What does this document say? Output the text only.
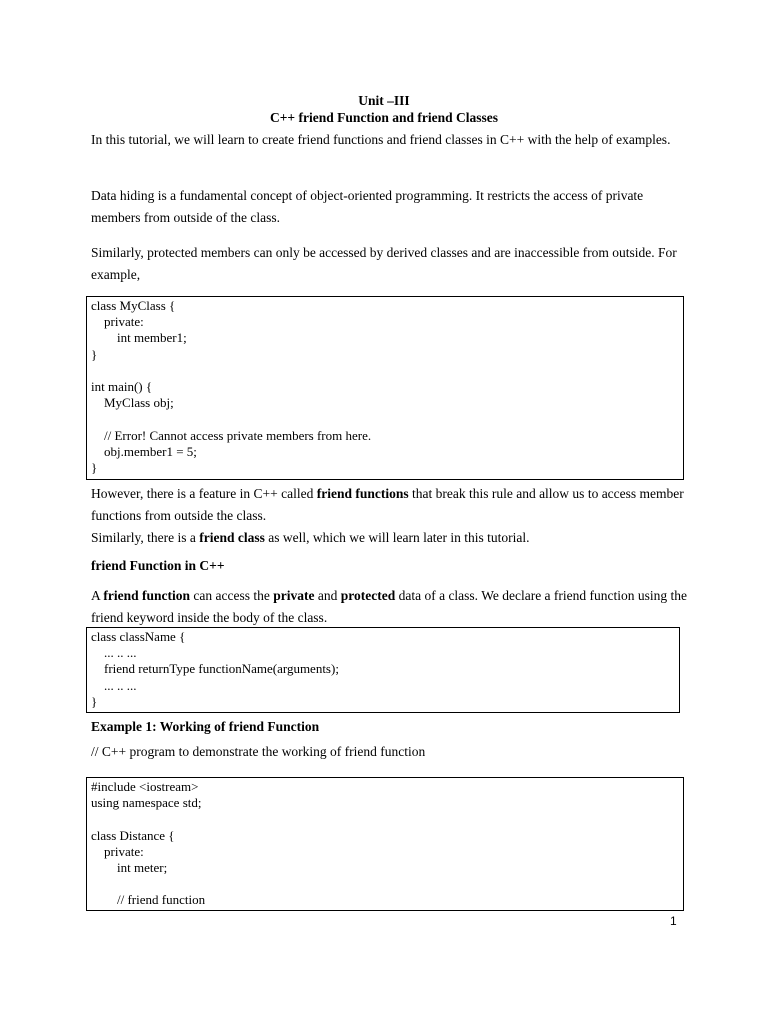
Unit –III
C++ friend Function and friend Classes

In this tutorial, we will learn to create friend functions and friend classes in C++ with the help of examples.

Data hiding is a fundamental concept of object-oriented programming. It restricts the access of private members from outside of the class.

Similarly, protected members can only be accessed by derived classes and are inaccessible from outside. For example,

class MyClass {
private:
int member1;
}
int main() {
MyClass obj;
// Error! Cannot access private members from here.
obj.member1 = 5;
}

However, there is a feature in C++ called friend functions that break this rule and allow us to access member functions from outside the class.

Similarly, there is a friend class as well, which we will learn later in this tutorial.

friend Function in C++

A friend function can access the private and protected data of a class. We declare a friend function using the friend keyword inside the body of the class.

class className {
... .. ...
friend returnType functionName(arguments);
... .. ...
}
Example 1: Working of friend Function

// C++ program to demonstrate the working of friend function

#include <iostream>
using namespace std;
class Distance {
private:
int meter;
// friend function
1
